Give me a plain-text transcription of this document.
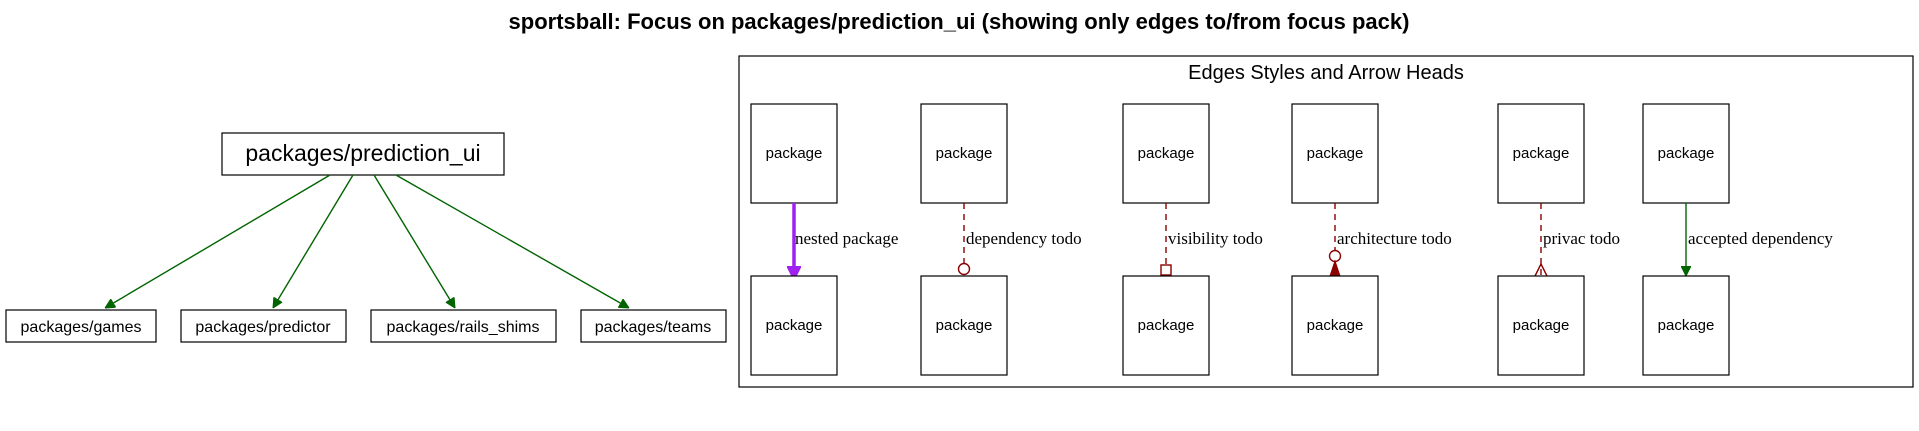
sportsball: Focus on packages/prediction_ui (showing only edges to/from focus pack)
packages/prediction_ui
packages/games	packages/predictor	packages/rails_shims	packages/teams
Edges Styles and Arrow Heads
package
nested package
package
package
dependency todo
package
package
visibility todo
package
package
architecture todo
package
package
privac todo
package
package
accepted dependency
package
